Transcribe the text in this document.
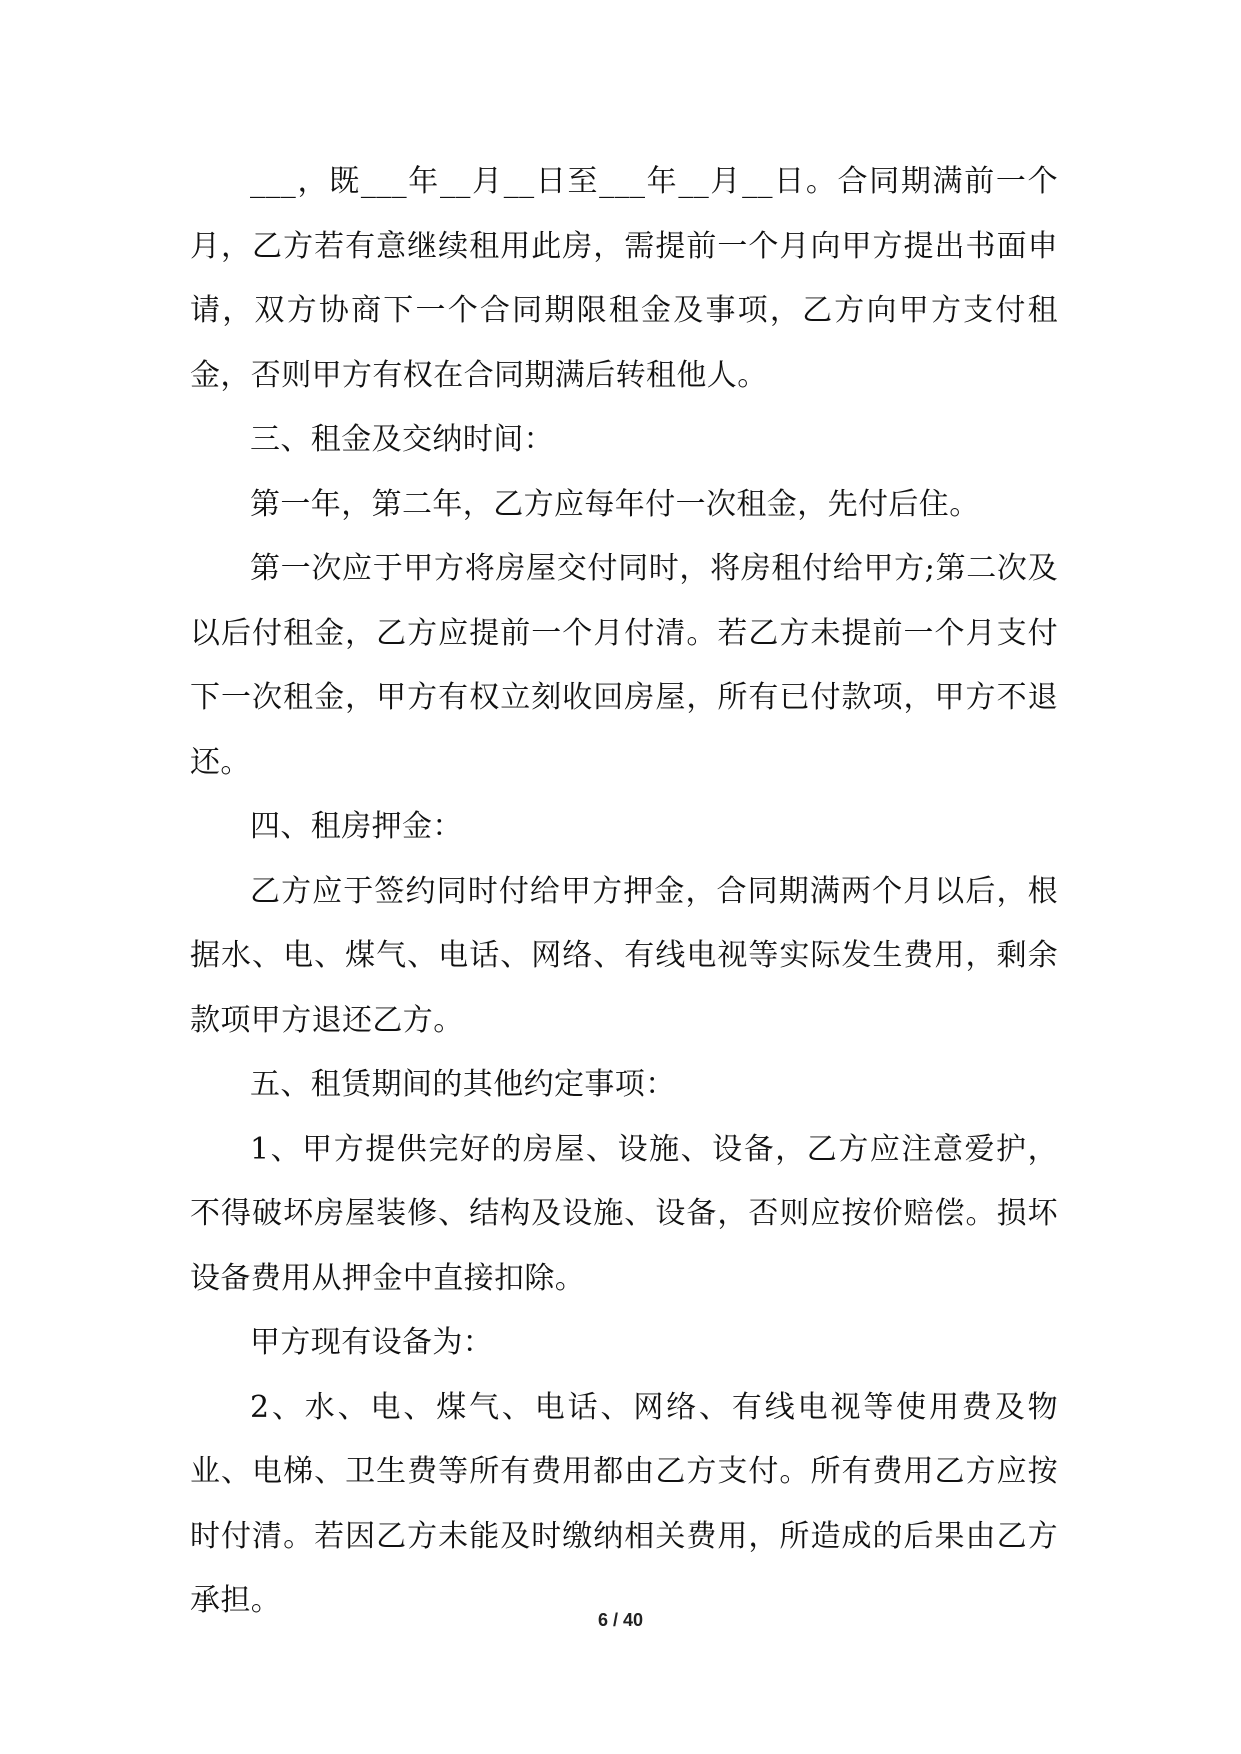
___，既___年__月__日至___年__月__日。合同期满前一个月，乙方若有意继续租用此房，需提前一个月向甲方提出书面申请，双方协商下一个合同期限租金及事项，乙方向甲方支付租金，否则甲方有权在合同期满后转租他人。

三、租金及交纳时间：

第一年，第二年，乙方应每年付一次租金，先付后住。

第一次应于甲方将房屋交付同时，将房租付给甲方;第二次及以后付租金，乙方应提前一个月付清。若乙方未提前一个月支付下一次租金，甲方有权立刻收回房屋，所有已付款项，甲方不退还。

四、租房押金：

乙方应于签约同时付给甲方押金，合同期满两个月以后，根据水、电、煤气、电话、网络、有线电视等实际发生费用，剩余款项甲方退还乙方。

五、租赁期间的其他约定事项：

1、甲方提供完好的房屋、设施、设备，乙方应注意爱护，不得破坏房屋装修、结构及设施、设备，否则应按价赔偿。损坏设备费用从押金中直接扣除。

甲方现有设备为：

2、水、电、煤气、电话、网络、有线电视等使用费及物业、电梯、卫生费等所有费用都由乙方支付。所有费用乙方应按时付清。若因乙方未能及时缴纳相关费用，所造成的后果由乙方承担。

6 / 40
